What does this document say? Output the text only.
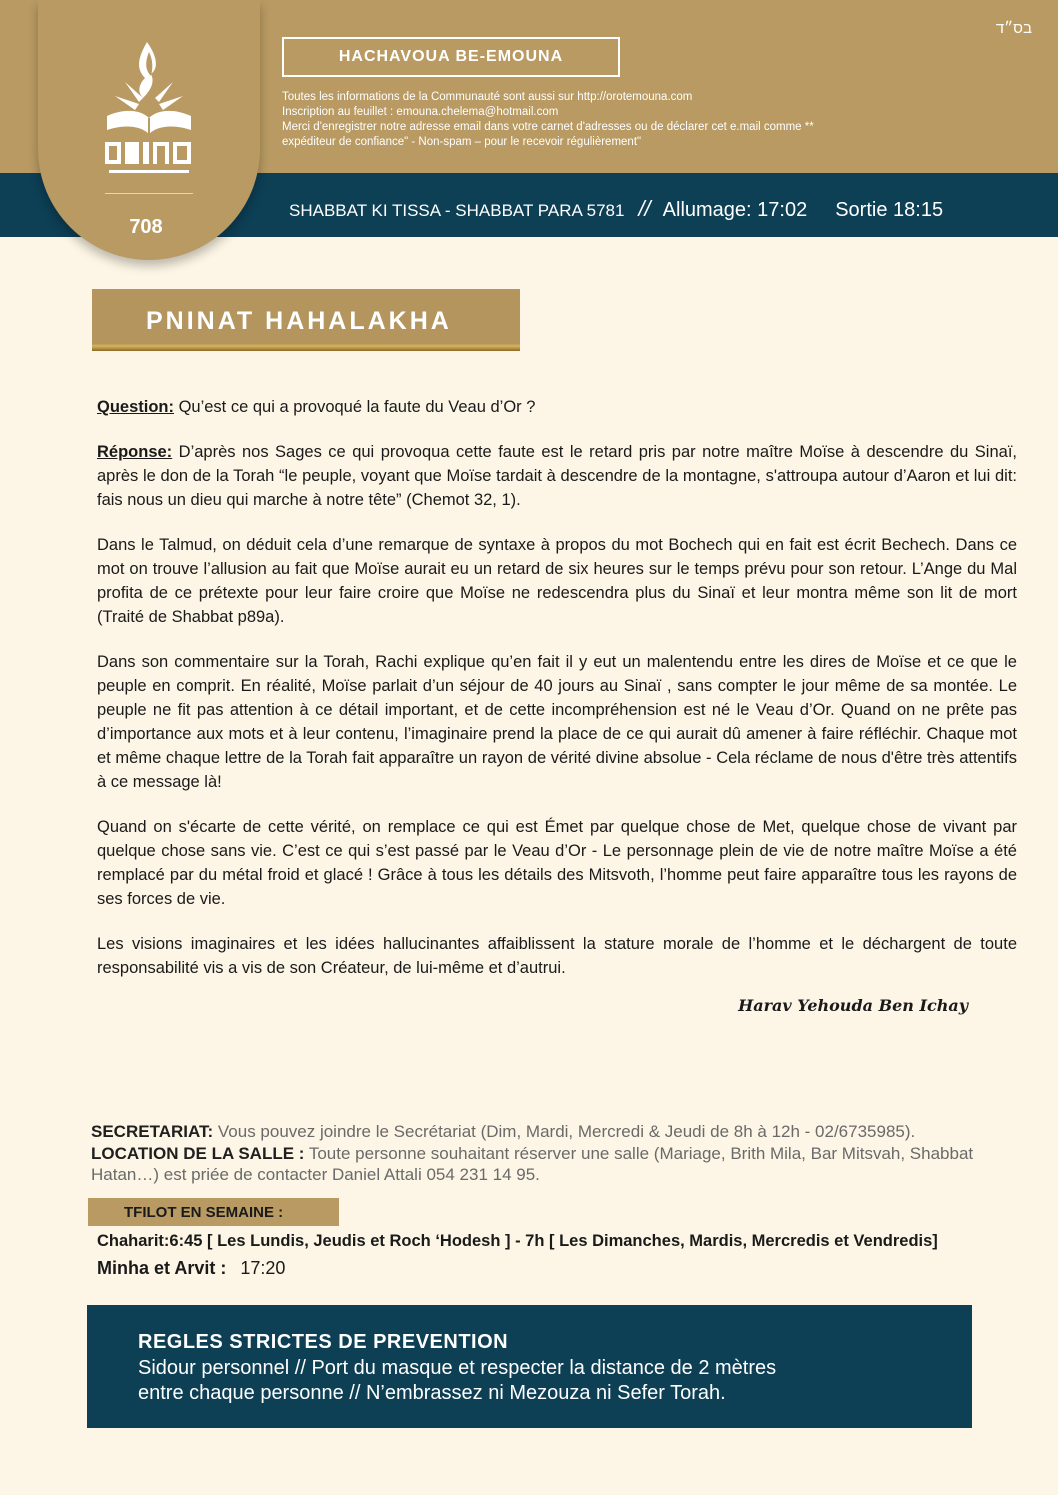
708
בס״ד
HACHAVOUA BE-EMOUNA
Toutes les informations de la Communauté sont aussi sur http://orotemouna.com
Inscription au feuillet : emouna.chelema@hotmail.com
Merci d'enregistrer notre adresse email dans votre carnet d'adresses ou de déclarer cet e.mail comme **
expéditeur de confiance" - Non-spam – pour le recevoir régulièrement"
SHABBAT KI TISSA - SHABBAT PARA 5781 // Allumage: 17:02 Sortie 18:15
PNINAT HAHALAKHA

Question: Qu’est ce qui a provoqué la faute du Veau d’Or ?

Réponse: D’après nos Sages ce qui provoqua cette faute est le retard pris par notre maître Moïse à descendre du Sinaï, après le don de la Torah “le peuple, voyant que Moïse tardait à descendre de la montagne, s'attroupa autour d’Aaron et lui dit: fais nous un dieu qui marche à notre tête” (Chemot 32, 1).

Dans le Talmud, on déduit cela d’une remarque de syntaxe à propos du mot Bochech qui en fait est écrit Bechech. Dans ce mot on trouve l’allusion au fait que Moïse aurait eu un retard de six heures sur le temps prévu pour son retour. L’Ange du Mal profita de ce prétexte pour leur faire croire que Moïse ne redescendra plus du Sinaï et leur montra même son lit de mort (Traité de Shabbat p89a).

Dans son commentaire sur la Torah, Rachi explique qu’en fait il y eut un malentendu entre les dires de Moïse et ce que le peuple en comprit. En réalité, Moïse parlait d’un séjour de 40 jours au Sinaï , sans compter le jour même de sa montée. Le peuple ne fit pas attention à ce détail important, et de cette incompréhension est né le Veau d’Or. Quand on ne prête pas d’importance aux mots et à leur contenu, l’imaginaire prend la place de ce qui aurait dû amener à faire réfléchir. Chaque mot et même chaque lettre de la Torah fait apparaître un rayon de vérité divine absolue - Cela réclame de nous d'être très attentifs à ce message là!

Quand on s'écarte de cette vérité, on remplace ce qui est Émet par quelque chose de Met, quelque chose de vivant par quelque chose sans vie. C’est ce qui s’est passé par le Veau d’Or - Le personnage plein de vie de notre maître Moïse a été remplacé par du métal froid et glacé ! Grâce à tous les détails des Mitsvoth, l’homme peut faire apparaître tous les rayons de ses forces de vie.

Les visions imaginaires et les idées hallucinantes affaiblissent la stature morale de l’homme et le déchargent de toute responsabilité vis a vis de son Créateur, de lui-même et d’autrui.

Harav Yehouda Ben Ichay
SECRETARIAT: Vous pouvez joindre le Secrétariat (Dim, Mardi, Mercredi & Jeudi de 8h à 12h - 02/6735985).
LOCATION DE LA SALLE : Toute personne souhaitant réserver une salle (Mariage, Brith Mila, Bar Mitsvah, Shabbat Hatan…) est priée de contacter Daniel Attali 054 231 14 95.
TFILOT EN SEMAINE :
Chaharit:6:45 [ Les Lundis, Jeudis et Roch ‘Hodesh ] - 7h [ Les Dimanches, Mardis, Mercredis et Vendredis]
Minha et Arvit : 17:20
REGLES STRICTES DE PREVENTION
Sidour personnel // Port du masque et respecter la distance de 2 mètres
entre chaque personne // N’embrassez ni Mezouza ni Sefer Torah.
